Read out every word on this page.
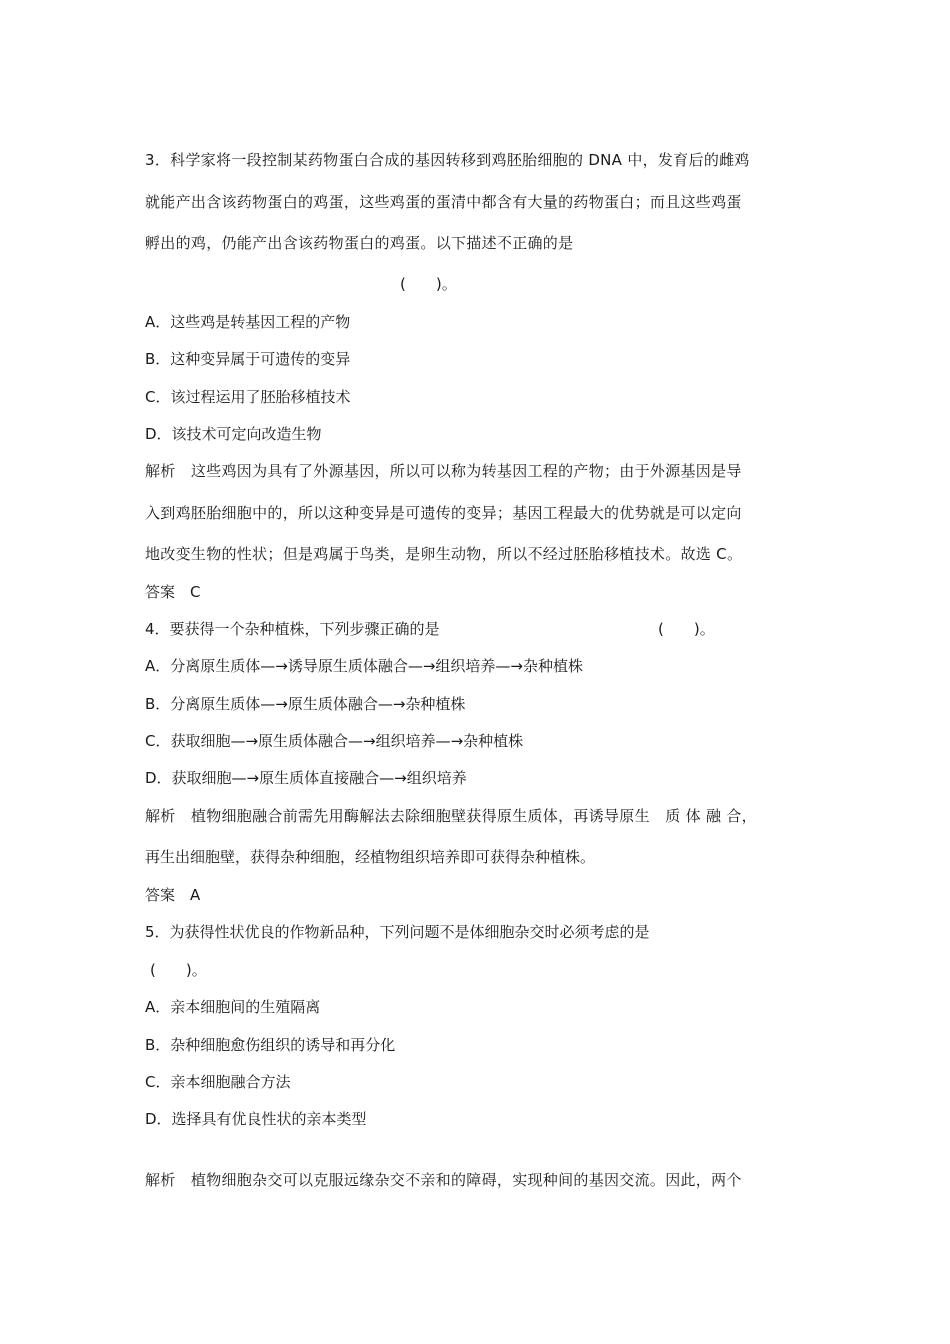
3．科学家将一段控制某药物蛋白合成的基因转移到鸡胚胎细胞的 DNA 中，发育后的雌鸡
就能产出含该药物蛋白的鸡蛋，这些鸡蛋的蛋清中都含有大量的药物蛋白；而且这些鸡蛋
孵出的鸡，仍能产出含该药物蛋白的鸡蛋。以下描述不正确的是
(　　)。
A．这些鸡是转基因工程的产物
B．这种变异属于可遗传的变异
C．该过程运用了胚胎移植技术
D．该技术可定向改造生物
解析　这些鸡因为具有了外源基因，所以可以称为转基因工程的产物；由于外源基因是导
入到鸡胚胎细胞中的，所以这种变异是可遗传的变异；基因工程最大的优势就是可以定向
地改变生物的性状；但是鸡属于鸟类，是卵生动物，所以不经过胚胎移植技术。故选 C。
答案　C
4．要获得一个杂种植株，下列步骤正确的是	(　　)。
A．分离原生质体—→诱导原生质体融合—→组织培养—→杂种植株
B．分离原生质体—→原生质体融合—→杂种植株
C．获取细胞—→原生质体融合—→组织培养—→杂种植株
D．获取细胞—→原生质体直接融合—→组织培养
解析　植物细胞融合前需先用酶解法去除细胞壁获得原生质体，再诱导原生　质 体 融 合，
再生出细胞壁，获得杂种细胞，经植物组织培养即可获得杂种植株。
答案　A
5．为获得性状优良的作物新品种，下列问题不是体细胞杂交时必须考虑的是
(　　)。
A．亲本细胞间的生殖隔离
B．杂种细胞愈伤组织的诱导和再分化
C．亲本细胞融合方法
D．选择具有优良性状的亲本类型
解析　植物细胞杂交可以克服远缘杂交不亲和的障碍，实现种间的基因交流。因此，两个
